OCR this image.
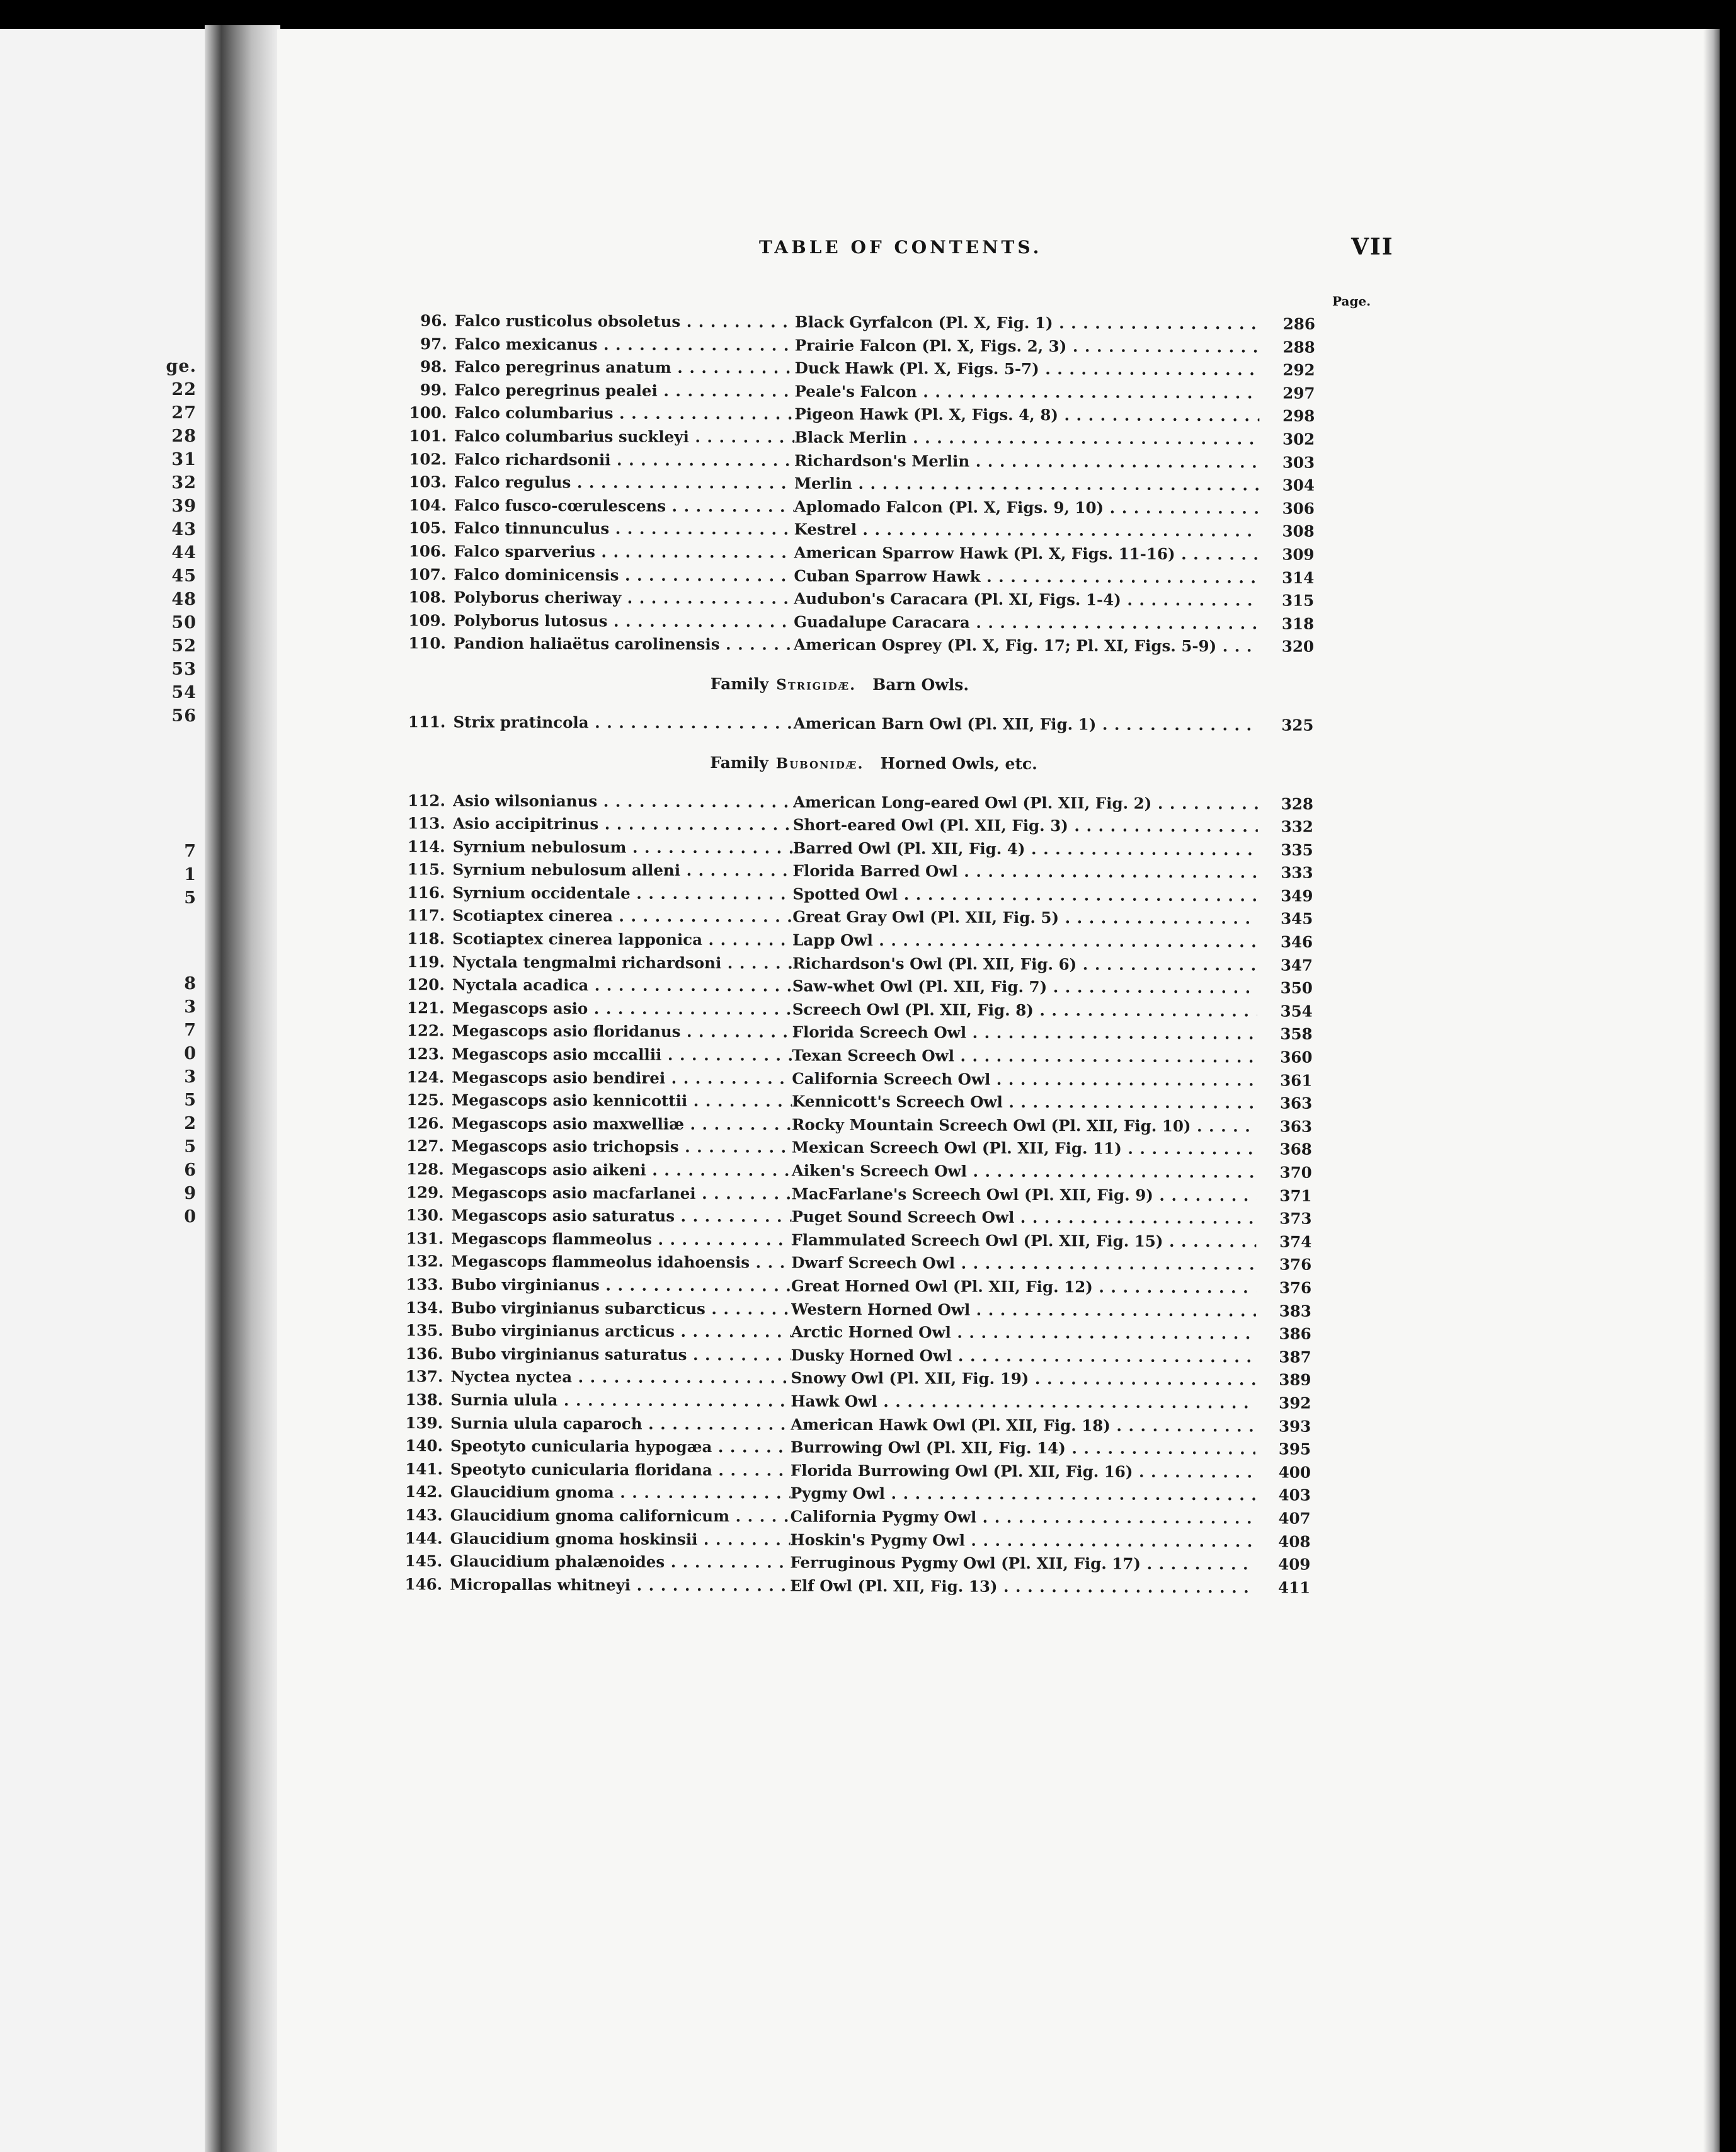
ge.
22
27
28
31
32
39
43
44
45
48
50
52
53
54
56
7
1
5
8
3
7
0
3
5
2
5
6
9
0
TABLE OF CONTENTS.	VII
Page.
96. Falco rusticolus obsoletus . . .	Black Gyrfalcon (Pl. X, Fig. 1) . . .	286
97. Falco mexicanus . . .	Prairie Falcon (Pl. X, Figs. 2, 3) . . .	288
98. Falco peregrinus anatum . . .	Duck Hawk (Pl. X, Figs. 5-7) . . .	292
99. Falco peregrinus pealei . . .	Peale's Falcon . . .	297
100. Falco columbarius . . .	Pigeon Hawk (Pl. X, Figs. 4, 8) . . .	298
101. Falco columbarius suckleyi . . .	Black Merlin . . .	302
102. Falco richardsonii . . .	Richardson's Merlin . . .	303
103. Falco regulus . . .	Merlin . . .	304
104. Falco fusco-cœrulescens . . .	Aplomado Falcon (Pl. X, Figs. 9, 10) . . .	306
105. Falco tinnunculus . . .	Kestrel . . .	308
106. Falco sparverius . . .	American Sparrow Hawk (Pl. X, Figs. 11-16) . . .	309
107. Falco dominicensis . . .	Cuban Sparrow Hawk . . .	314
108. Polyborus cheriway . . .	Audubon's Caracara (Pl. XI, Figs. 1-4) . . .	315
109. Polyborus lutosus . . .	Guadalupe Caracara . . .	318
110. Pandion haliaëtus carolinensis . . .	American Osprey (Pl. X, Fig. 17; Pl. XI, Figs. 5-9) . . .	320
Family Strigidæ. Barn Owls.
111. Strix pratincola . . .	American Barn Owl (Pl. XII, Fig. 1) . . .	325
Family Bubonidæ. Horned Owls, etc.
112. Asio wilsonianus . . .	American Long-eared Owl (Pl. XII, Fig. 2) . . .	328
113. Asio accipitrinus . . .	Short-eared Owl (Pl. XII, Fig. 3) . . .	332
114. Syrnium nebulosum . . .	Barred Owl (Pl. XII, Fig. 4) . . .	335
115. Syrnium nebulosum alleni . . .	Florida Barred Owl . . .	333
116. Syrnium occidentale . . .	Spotted Owl . . .	349
117. Scotiaptex cinerea . . .	Great Gray Owl (Pl. XII, Fig. 5) . . .	345
118. Scotiaptex cinerea lapponica . . .	Lapp Owl . . .	346
119. Nyctala tengmalmi richardsoni . . .	Richardson's Owl (Pl. XII, Fig. 6) . . .	347
120. Nyctala acadica . . .	Saw-whet Owl (Pl. XII, Fig. 7) . . .	350
121. Megascops asio . . .	Screech Owl (Pl. XII, Fig. 8) . . .	354
122. Megascops asio floridanus . . .	Florida Screech Owl . . .	358
123. Megascops asio mccallii . . .	Texan Screech Owl . . .	360
124. Megascops asio bendirei . . .	California Screech Owl . . .	361
125. Megascops asio kennicottii . . .	Kennicott's Screech Owl . . .	363
126. Megascops asio maxwelliæ . . .	Rocky Mountain Screech Owl (Pl. XII, Fig. 10) . . .	363
127. Megascops asio trichopsis . . .	Mexican Screech Owl (Pl. XII, Fig. 11) . . .	368
128. Megascops asio aikeni . . .	Aiken's Screech Owl . . .	370
129. Megascops asio macfarlanei . . .	MacFarlane's Screech Owl (Pl. XII, Fig. 9) . . .	371
130. Megascops asio saturatus . . .	Puget Sound Screech Owl . . .	373
131. Megascops flammeolus . . .	Flammulated Screech Owl (Pl. XII, Fig. 15) . . .	374
132. Megascops flammeolus idahoensis . . .	Dwarf Screech Owl . . .	376
133. Bubo virginianus . . .	Great Horned Owl (Pl. XII, Fig. 12) . . .	376
134. Bubo virginianus subarcticus . . .	Western Horned Owl . . .	383
135. Bubo virginianus arcticus . . .	Arctic Horned Owl . . .	386
136. Bubo virginianus saturatus . . .	Dusky Horned Owl . . .	387
137. Nyctea nyctea . . .	Snowy Owl (Pl. XII, Fig. 19) . . .	389
138. Surnia ulula . . .	Hawk Owl . . .	392
139. Surnia ulula caparoch . . .	American Hawk Owl (Pl. XII, Fig. 18) . . .	393
140. Speotyto cunicularia hypogæa . . .	Burrowing Owl (Pl. XII, Fig. 14) . . .	395
141. Speotyto cunicularia floridana . . .	Florida Burrowing Owl (Pl. XII, Fig. 16) . . .	400
142. Glaucidium gnoma . . .	Pygmy Owl . . .	403
143. Glaucidium gnoma californicum . . .	California Pygmy Owl . . .	407
144. Glaucidium gnoma hoskinsii . . .	Hoskin's Pygmy Owl . . .	408
145. Glaucidium phalænoides . . .	Ferruginous Pygmy Owl (Pl. XII, Fig. 17) . . .	409
146. Micropallas whitneyi . . .	Elf Owl (Pl. XII, Fig. 13) . . .	411
